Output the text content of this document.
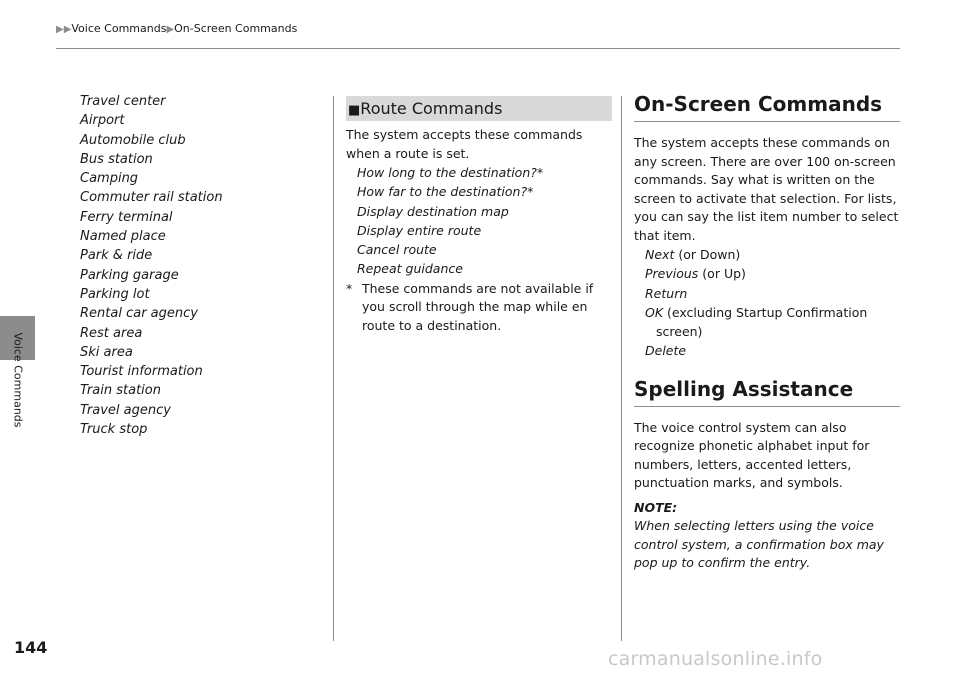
▶▶Voice Commands▶On-Screen Commands
Voice Commands
Travel center
Airport
Automobile club
Bus station
Camping
Commuter rail station
Ferry terminal
Named place
Park & ride
Parking garage
Parking lot
Rental car agency
Rest area
Ski area
Tourist information
Train station
Travel agency
Truck stop
■Route Commands

The system accepts these commands when a route is set.

How long to the destination?*
How far to the destination?*
Display destination map
Display entire route
Cancel route
Repeat guidance
* These commands are not available if you scroll through the map while en route to a destination.
On-Screen Commands

The system accepts these commands on any screen. There are over 100 on-screen commands. Say what is written on the screen to activate that selection. For lists, you can say the list item number to select that item.

Next (or Down)
Previous (or Up)
Return
OK (excluding Startup Confirmation
screen)
Delete
Spelling Assistance

The voice control system can also recognize phonetic alphabet input for numbers, letters, accented letters, punctuation marks, and symbols.

NOTE:
When selecting letters using the voice control system, a confirmation box may pop up to confirm the entry.
144
carmanualsonline.info
